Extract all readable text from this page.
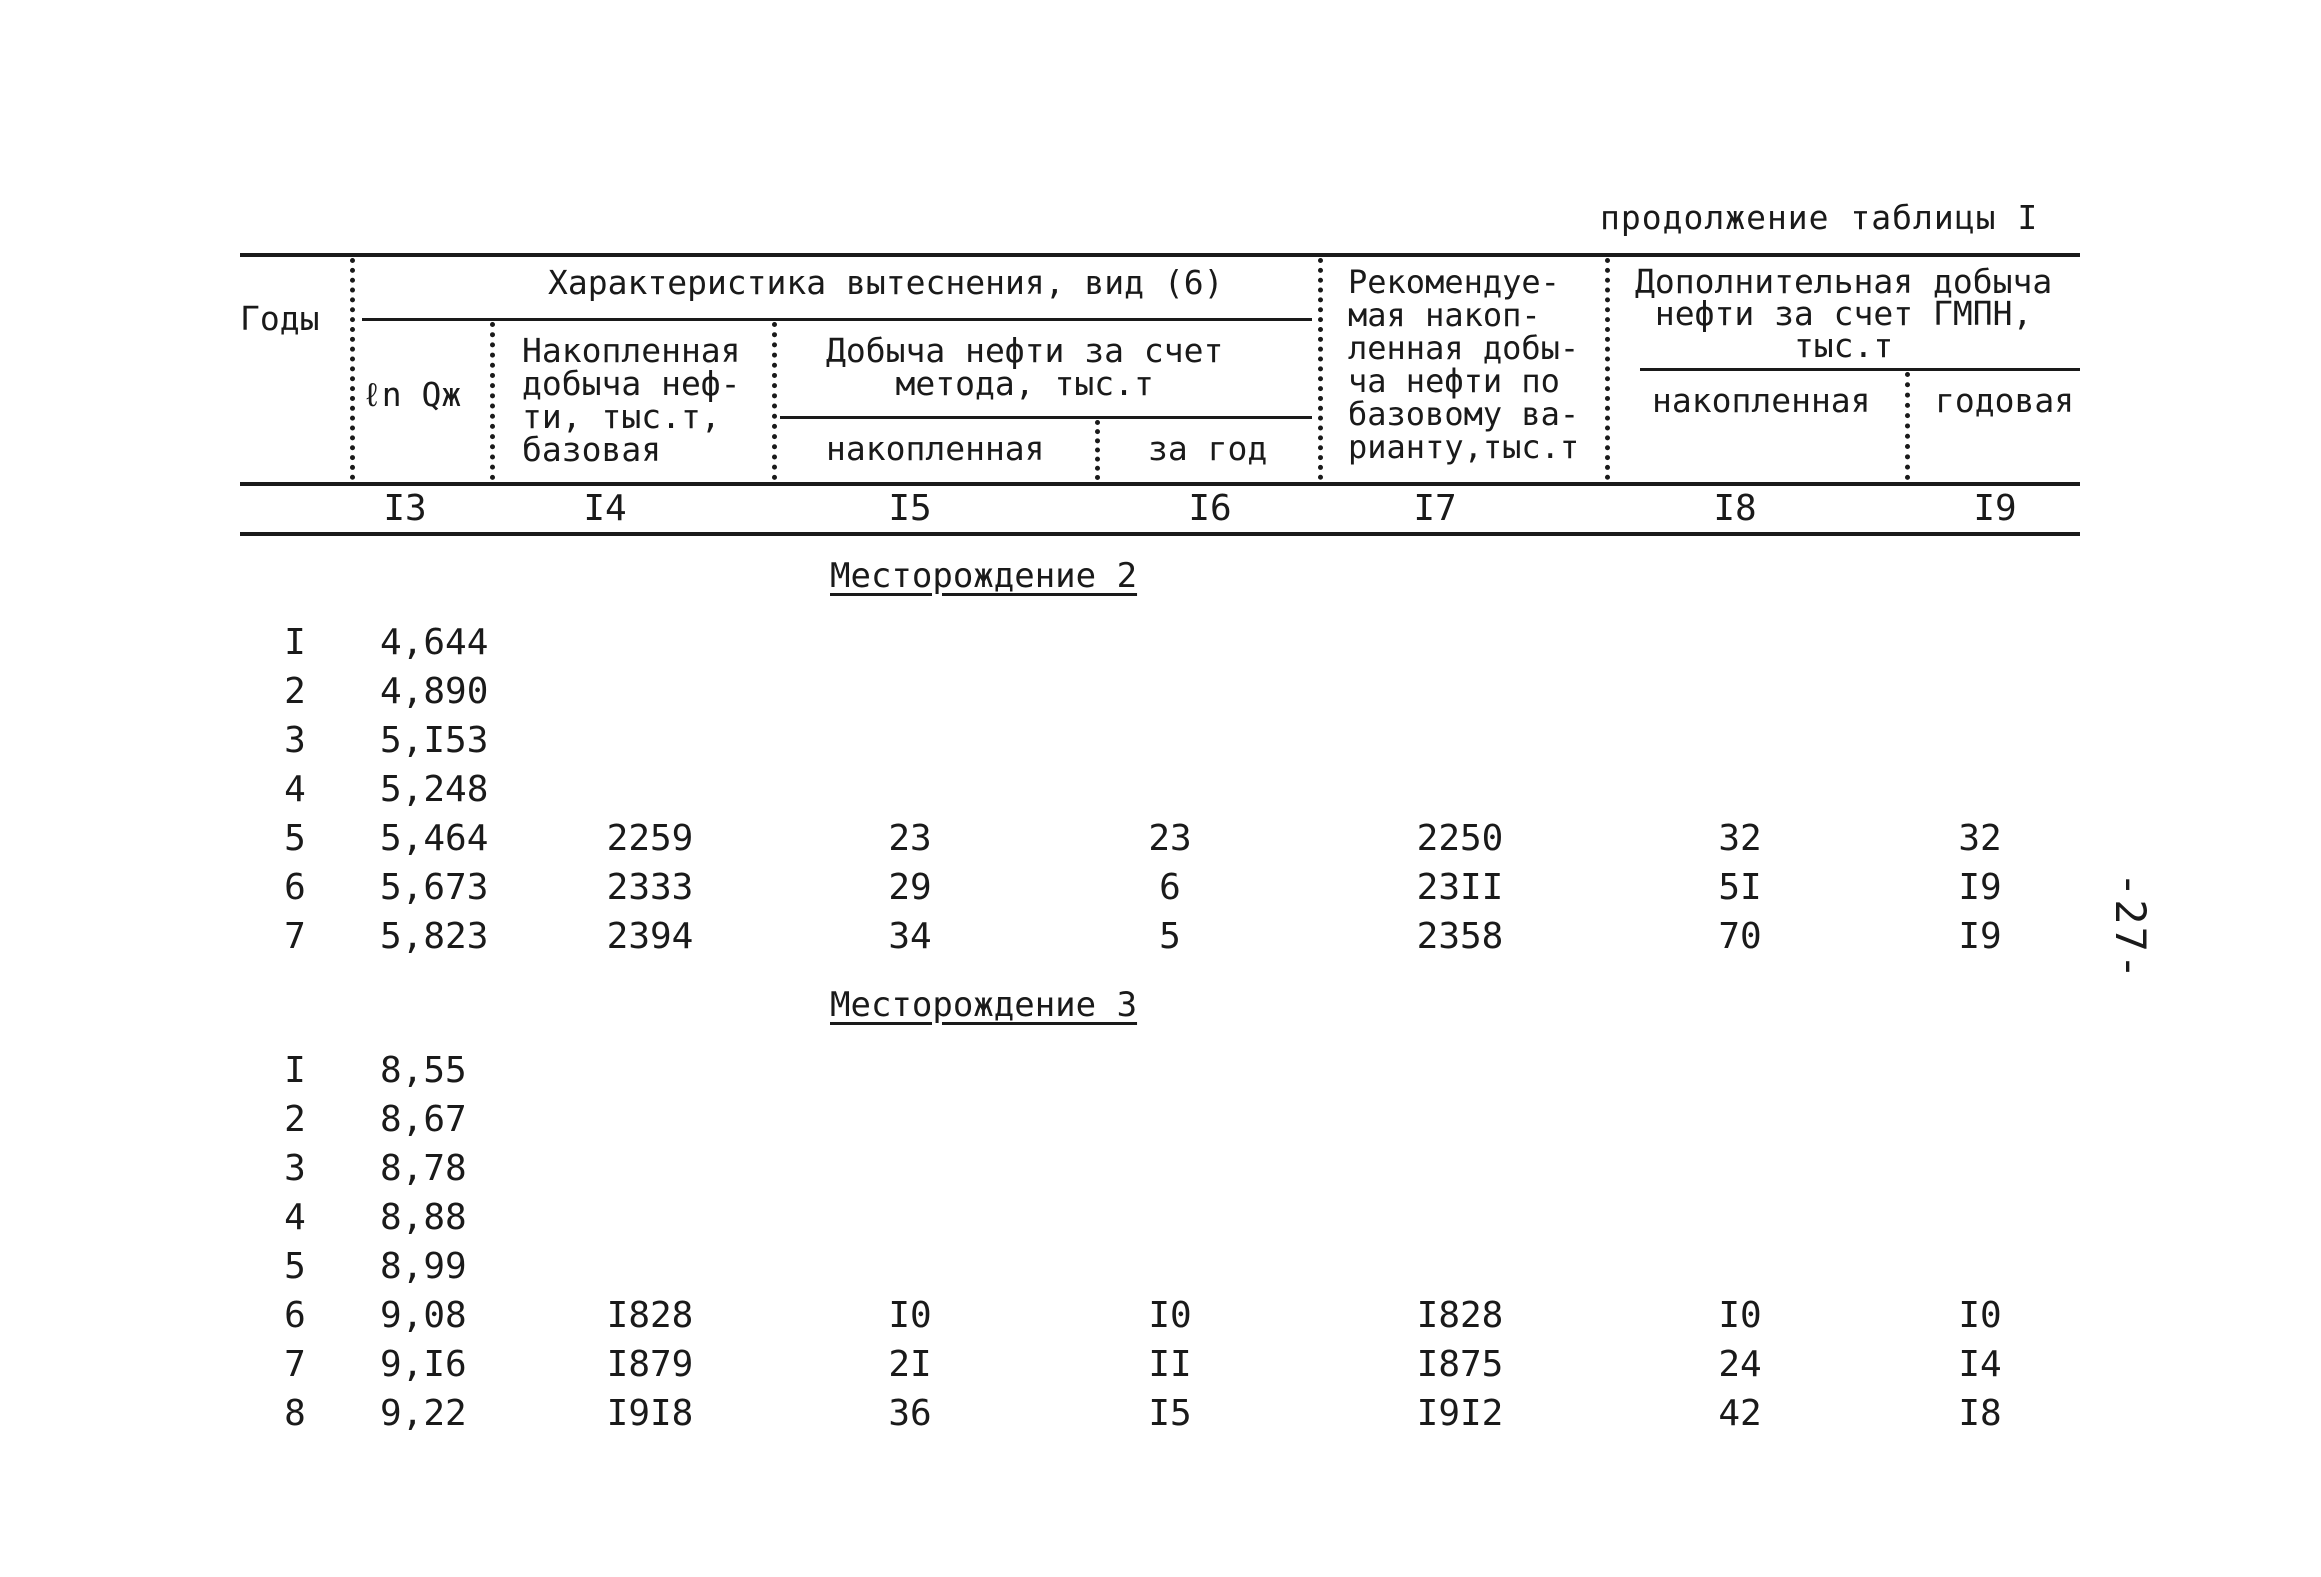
продолжение таблицы I
Годы
Характеристика вытеснения, вид (6)
ℓn Qж
Накопленная
добыча неф-
ти, тыс.т,
базовая
Добыча нефти за счет
метода, тыс.т
накопленная	за год
Рекомендуе-
мая накоп-
ленная добы-
ча нефти по
базовому ва-
рианту,тыс.т
Дополнительная добыча
нефти за счет ГМПН,
тыс.т
накопленная годовая
I3	I4	I5	I6	I7	I8	I9
Месторождение 2
I	4,644
2	4,890
3	5,I53
4	5,248
5	5,464	2259	23	23	2250	32	32
6	5,673	2333	29	6	23II	5I	I9
7	5,823	2394	34	5	2358	70	I9
Месторождение 3
I	8,55
2	8,67
3	8,78
4	8,88
5	8,99
6	9,08	I828	I0	I0	I828	I0	I0
7	9,I6	I879	2I	II	I875	24	I4
8	9,22	I9I8	36	I5	I9I2	42	I8
-27-
